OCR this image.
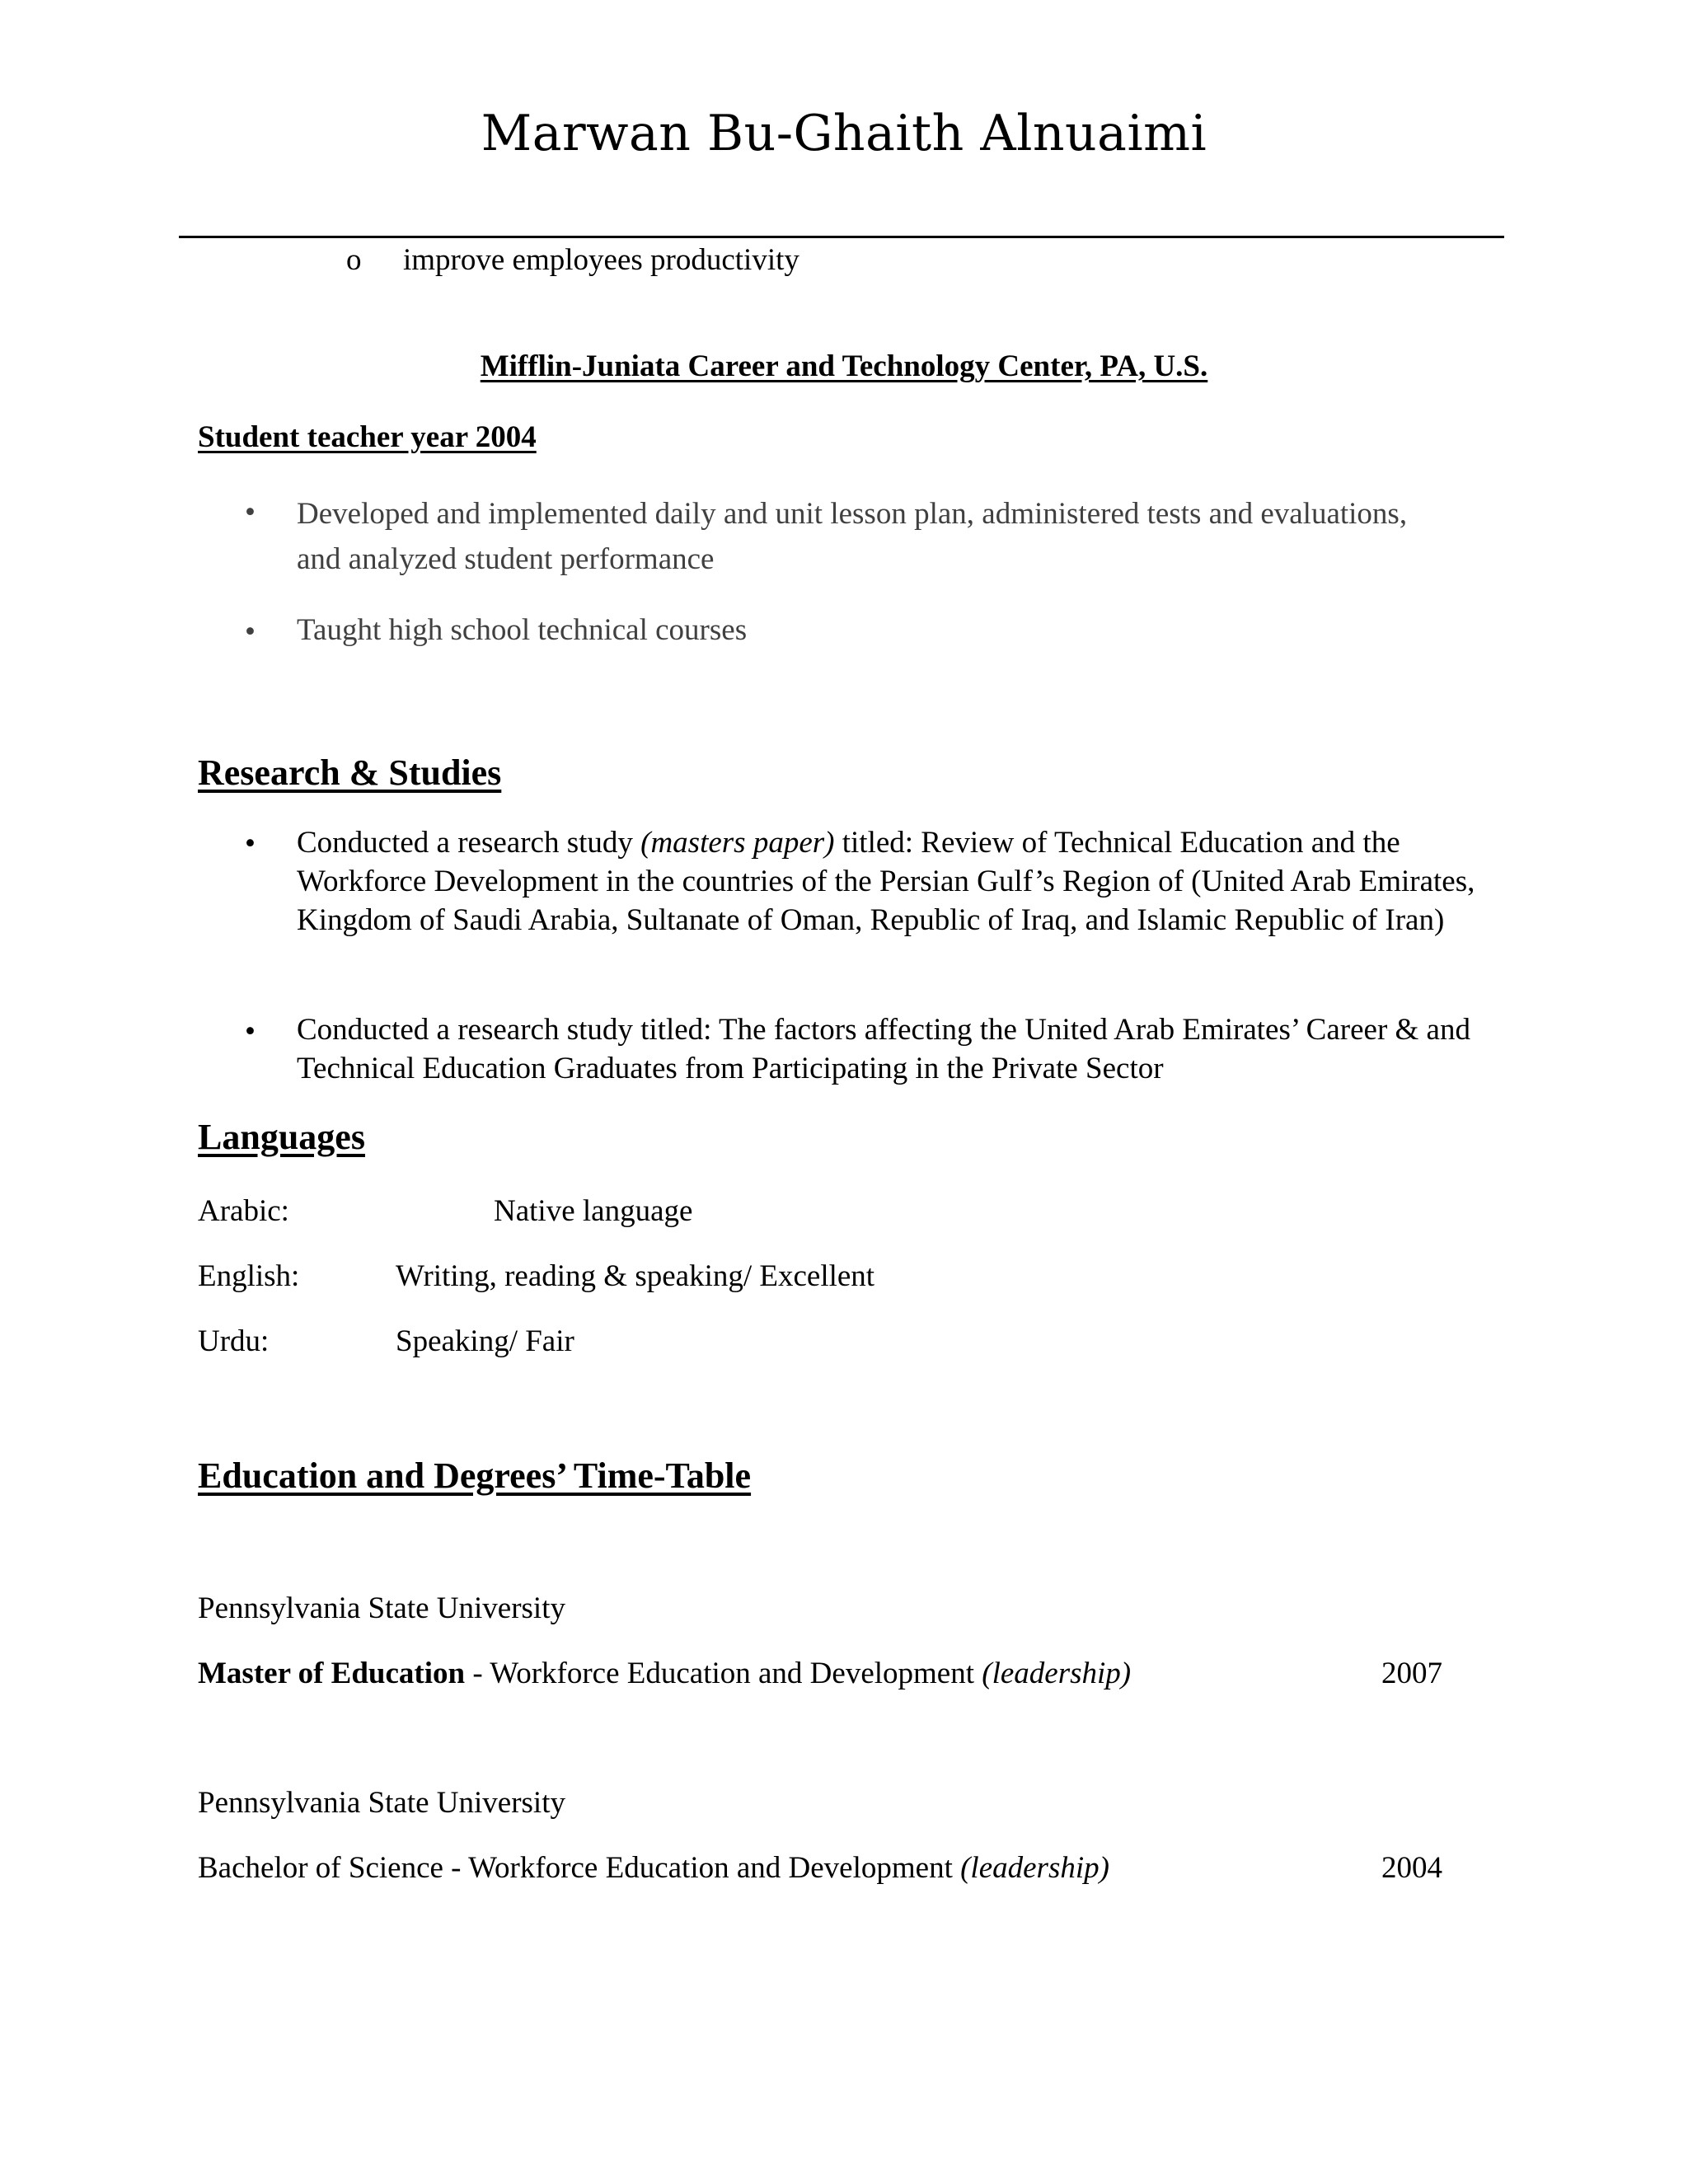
Marwan Bu-Ghaith Alnuaimi
o improve employees productivity
Mifflin-Juniata Career and Technology Center, PA, U.S.
Student teacher year 2004
• Developed and implemented daily and unit lesson plan, administered tests and evaluations, and analyzed student performance
• Taught high school technical courses
Research & Studies
• Conducted a research study (masters paper) titled: Review of Technical Education and the Workforce Development in the countries of the Persian Gulf’s Region of (United Arab Emirates, Kingdom of Saudi Arabia, Sultanate of Oman, Republic of Iraq, and Islamic Republic of Iran)
• Conducted a research study titled: The factors affecting the United Arab Emirates’ Career & and Technical Education Graduates from Participating in the Private Sector
Languages
Arabic:	Native language
English:	Writing, reading & speaking/ Excellent
Urdu:	Speaking/ Fair
Education and Degrees’ Time-Table
Pennsylvania State University
Master of Education - Workforce Education and Development (leadership)	2007
Pennsylvania State University
Bachelor of Science - Workforce Education and Development (leadership)	2004
